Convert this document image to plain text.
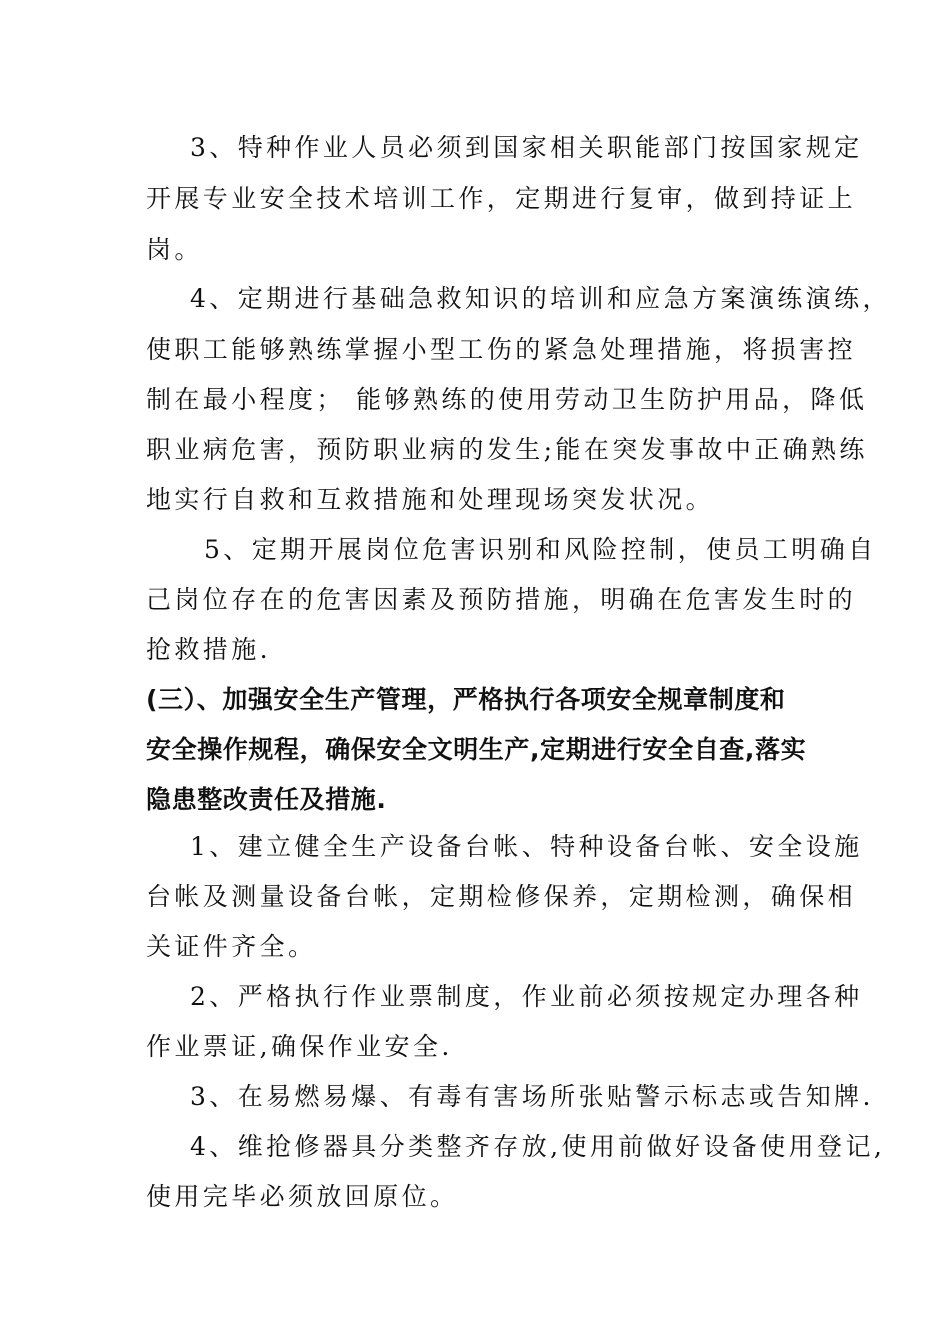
3、特种作业人员必须到国家相关职能部门按国家规定
开展专业安全技术培训工作，定期进行复审，做到持证上
岗。
4、定期进行基础急救知识的培训和应急方案演练演练，
使职工能够熟练掌握小型工伤的紧急处理措施，将损害控
制在最小程度； 能够熟练的使用劳动卫生防护用品，降低
职业病危害，预防职业病的发生;能在突发事故中正确熟练
地实行自救和互救措施和处理现场突发状况。
5、定期开展岗位危害识别和风险控制，使员工明确自
己岗位存在的危害因素及预防措施，明确在危害发生时的
抢救措施.
(三）、加强安全生产管理，严格执行各项安全规章制度和
安全操作规程，确保安全文明生产,定期进行安全自查,落实
隐患整改责任及措施.
1、建立健全生产设备台帐、特种设备台帐、安全设施
台帐及测量设备台帐，定期检修保养，定期检测，确保相
关证件齐全。
2、严格执行作业票制度，作业前必须按规定办理各种
作业票证,确保作业安全.
3、在易燃易爆、有毒有害场所张贴警示标志或告知牌.
4、维抢修器具分类整齐存放,使用前做好设备使用登记,
使用完毕必须放回原位。
